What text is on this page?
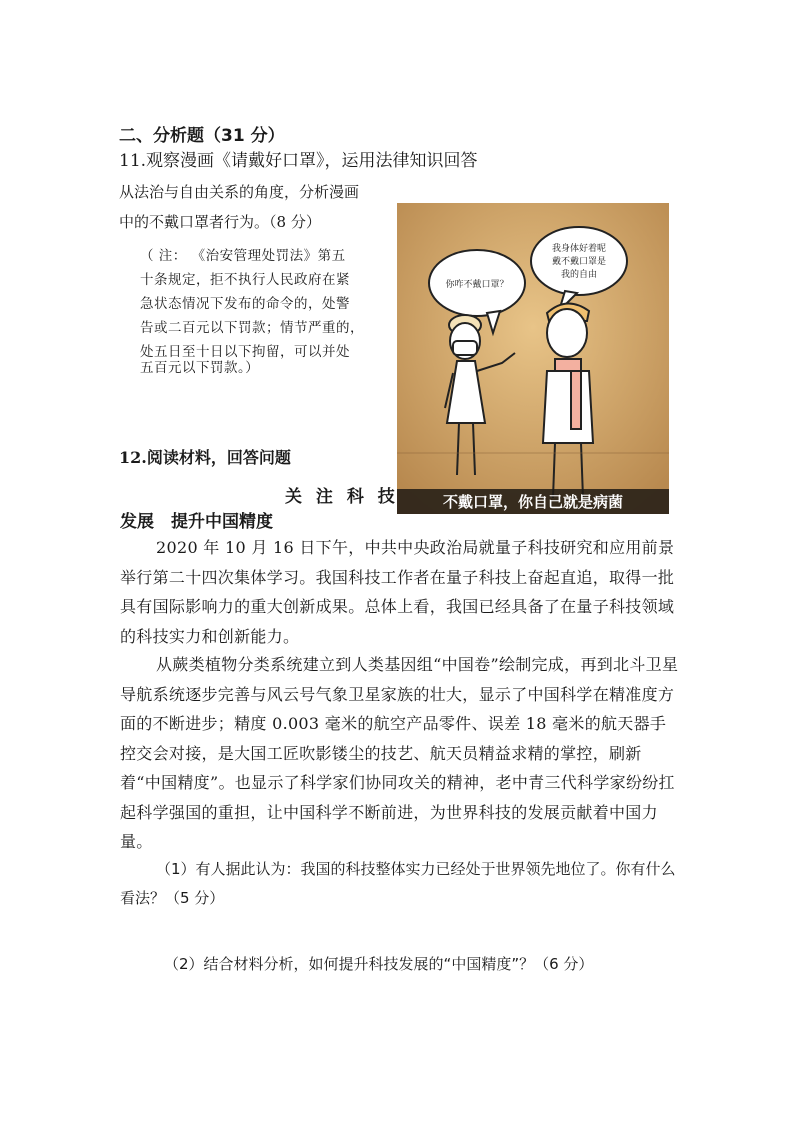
二、分析题（31 分）
11.观察漫画《请戴好口罩》，运用法律知识回答
从法治与自由关系的角度，分析漫画
中的不戴口罩者行为。（8 分）
（ 注： 《治安管理处罚法》第五
十条规定，拒不执行人民政府在紧
急状态情况下发布的命令的，处警
告或二百元以下罚款；情节严重的，
处五日至十日以下拘留，可以并处
五百元以下罚款。）
你咋不戴口罩？
我身体好着呢
戴不戴口罩是
我的自由
不戴口罩，你自己就是病菌
12.阅读材料，回答问题
关 注 科 技
发展　提升中国精度
2020 年 10 月 16 日下午，中共中央政治局就量子科技研究和应用前景举行第二十四次集体学习。我国科技工作者在量子科技上奋起直追，取得一批具有国际影响力的重大创新成果。总体上看，我国已经具备了在量子科技领域的科技实力和创新能力。
从蕨类植物分类系统建立到人类基因组“中国卷”绘制完成，再到北斗卫星导航系统逐步完善与风云号气象卫星家族的壮大，显示了中国科学在精准度方面的不断进步；精度 0.003 毫米的航空产品零件、误差 18 毫米的航天器手控交会对接，是大国工匠吹影镂尘的技艺、航天员精益求精的掌控，刷新着“中国精度”。也显示了科学家们协同攻关的精神，老中青三代科学家纷纷扛起科学强国的重担，让中国科学不断前进，为世界科技的发展贡献着中国力量。
（1）有人据此认为：我国的科技整体实力已经处于世界领先地位了。你有什么看法？（5 分）
（2）结合材料分析，如何提升科技发展的“中国精度”？（6 分）
